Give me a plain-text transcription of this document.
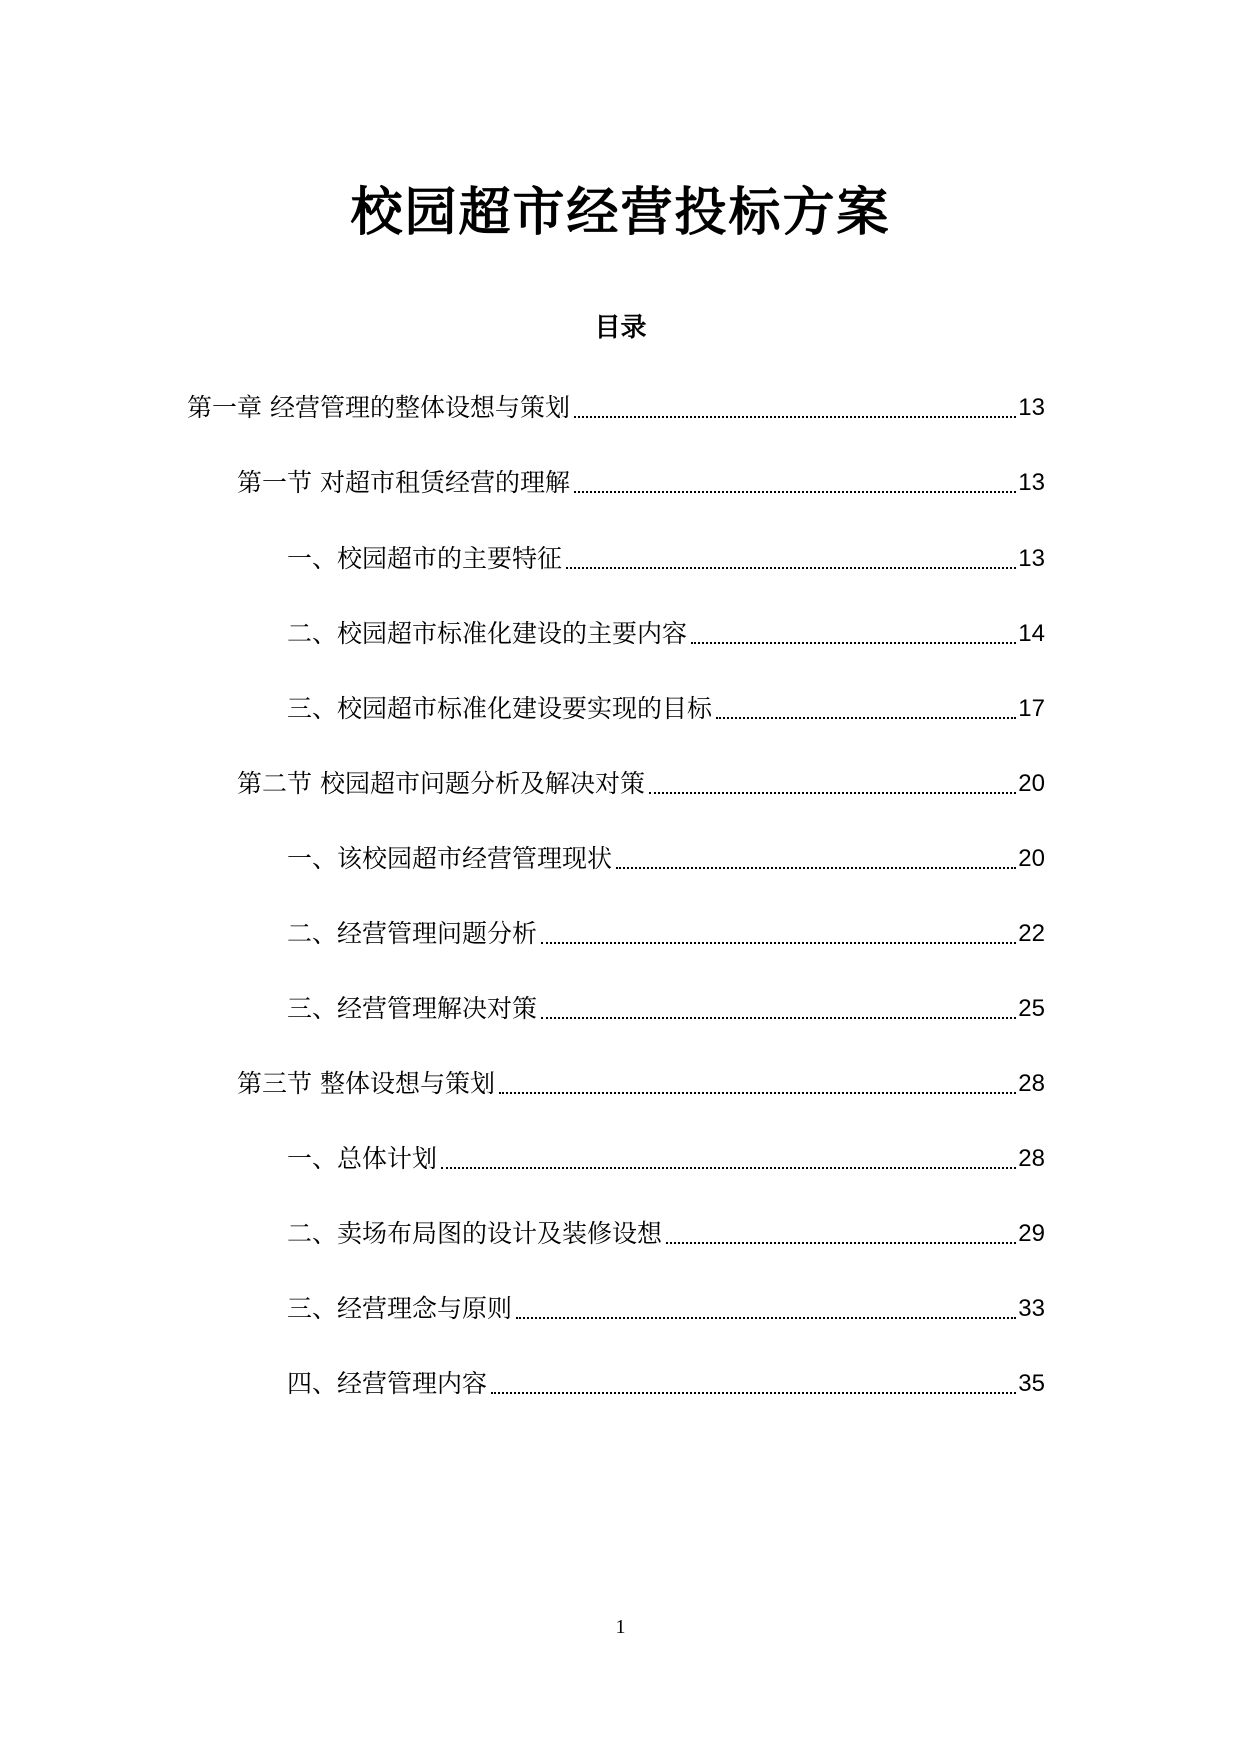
校园超市经营投标方案
目录
第一章 经营管理的整体设想与策划	13
第一节 对超市租赁经营的理解	13
一、校园超市的主要特征	13
二、校园超市标准化建设的主要内容	14
三、校园超市标准化建设要实现的目标	17
第二节 校园超市问题分析及解决对策	20
一、该校园超市经营管理现状	20
二、经营管理问题分析	22
三、经营管理解决对策	25
第三节 整体设想与策划	28
一、总体计划	28
二、卖场布局图的设计及装修设想	29
三、经营理念与原则	33
四、经营管理内容	35
1
